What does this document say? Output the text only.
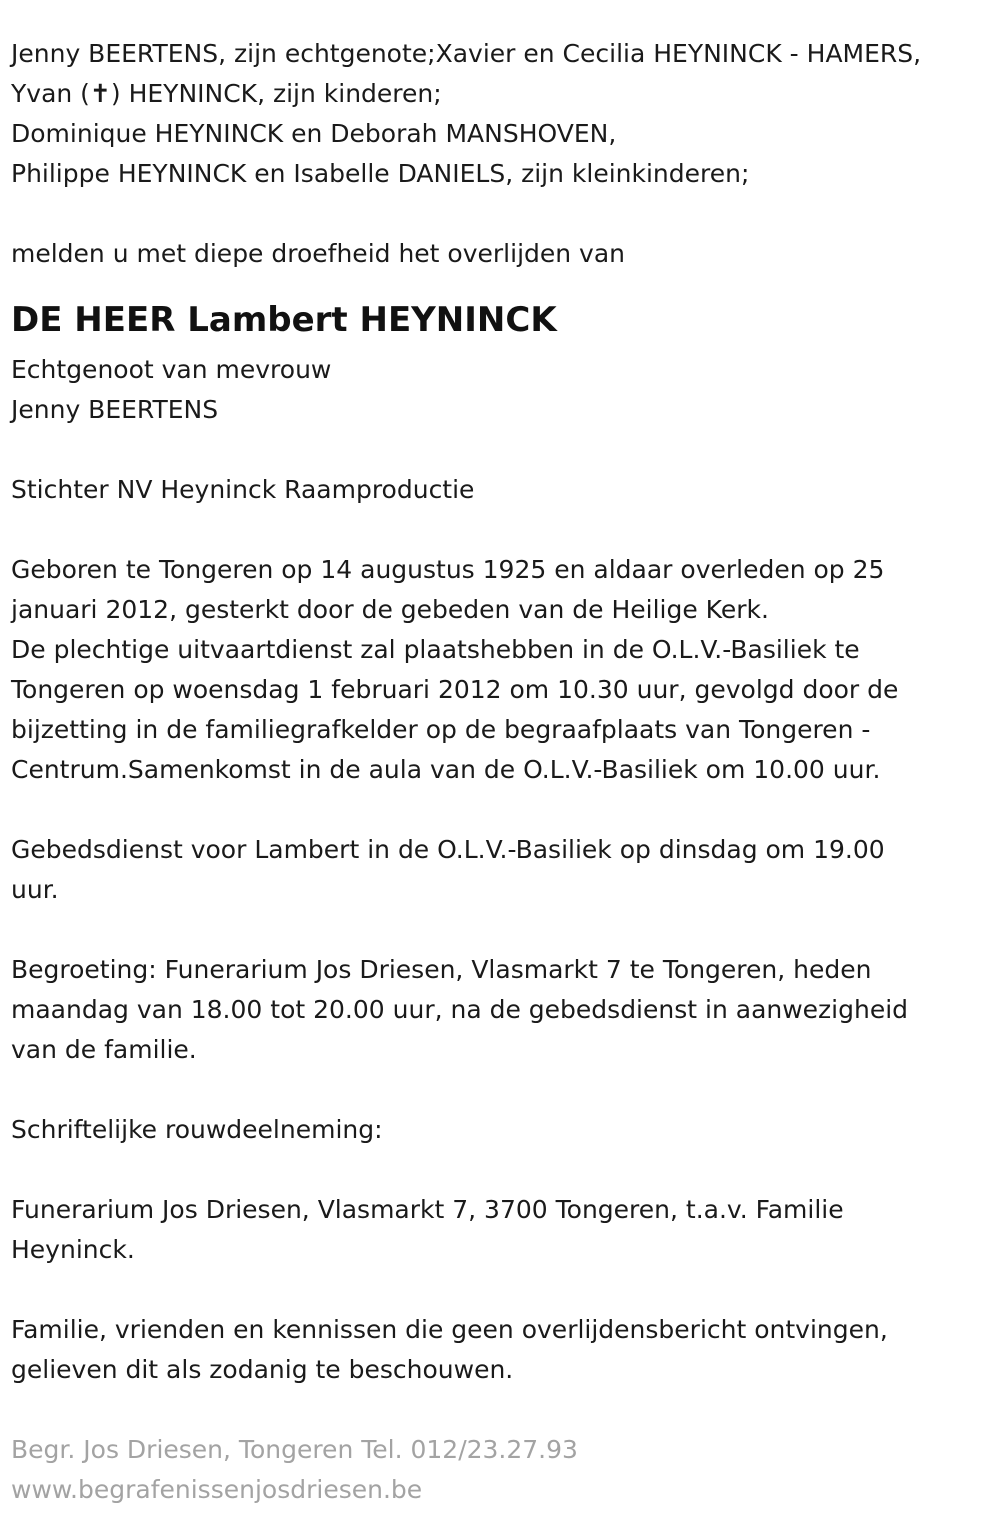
Jenny BEERTENS, zijn echtgenote;Xavier en Cecilia HEYNINCK - HAMERS,
Yvan (✝) HEYNINCK, zijn kinderen;
Dominique HEYNINCK en Deborah MANSHOVEN,
Philippe HEYNINCK en Isabelle DANIELS, zijn kleinkinderen;
melden u met diepe droefheid het overlijden van
DE HEER Lambert HEYNINCK
Echtgenoot van mevrouw
Jenny BEERTENS
Stichter NV Heyninck Raamproductie
Geboren te Tongeren op 14 augustus 1925 en aldaar overleden op 25
januari 2012, gesterkt door de gebeden van de Heilige Kerk.
De plechtige uitvaartdienst zal plaatshebben in de O.L.V.-Basiliek te
Tongeren op woensdag 1 februari 2012 om 10.30 uur, gevolgd door de
bijzetting in de familiegrafkelder op de begraafplaats van Tongeren -
Centrum.Samenkomst in de aula van de O.L.V.-Basiliek om 10.00 uur.
Gebedsdienst voor Lambert in de O.L.V.-Basiliek op dinsdag om 19.00
uur.
Begroeting: Funerarium Jos Driesen, Vlasmarkt 7 te Tongeren, heden
maandag van 18.00 tot 20.00 uur, na de gebedsdienst in aanwezigheid
van de familie.
Schriftelijke rouwdeelneming:
Funerarium Jos Driesen, Vlasmarkt 7, 3700 Tongeren, t.a.v. Familie
Heyninck.
Familie, vrienden en kennissen die geen overlijdensbericht ontvingen,
gelieven dit als zodanig te beschouwen.
Begr. Jos Driesen, Tongeren Tel. 012/23.27.93
www.begrafenissenjosdriesen.be
